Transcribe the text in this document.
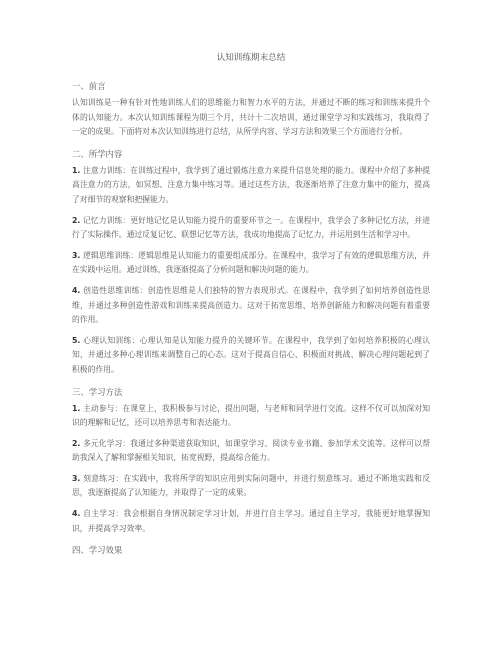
认知训练期末总结
一、前言
认知训练是一种有针对性地训练人们的思维能力和智力水平的方法，并通过不断的练习和训练来提升个体的认知能力。本次认知训练课程为期三个月，共计十二次培训，通过课堂学习和实践练习，我取得了一定的成果。下面将对本次认知训练进行总结，从所学内容、学习方法和效果三个方面进行分析。
二、所学内容
1. 注意力训练：在训练过程中，我学到了通过锻炼注意力来提升信息处理的能力。课程中介绍了多种提高注意力的方法，如冥想、注意力集中练习等。通过这些方法，我逐渐培养了注意力集中的能力，提高了对细节的观察和把握能力。
2. 记忆力训练：更好地记忆是认知能力提升的重要环节之一。在课程中，我学会了多种记忆方法，并进行了实际操作。通过反复记忆、联想记忆等方法，我成功地提高了记忆力，并运用到生活和学习中。
3. 逻辑思维训练：逻辑思维是认知能力的重要组成部分。在课程中，我学习了有效的逻辑思维方法，并在实践中运用。通过训练，我逐渐提高了分析问题和解决问题的能力。
4. 创造性思维训练：创造性思维是人们独特的智力表现形式。在课程中，我学到了如何培养创造性思维，并通过多种创造性游戏和训练来提高创造力。这对于拓宽思维、培养创新能力和解决问题有着重要的作用。
5. 心理认知训练：心理认知是认知能力提升的关键环节。在课程中，我学到了如何培养积极的心理认知，并通过多种心理训练来调整自己的心态。这对于提高自信心、积极面对挑战、解决心理问题起到了积极的作用。
三、学习方法
1. 主动参与：在课堂上，我积极参与讨论，提出问题，与老师和同学进行交流。这样不仅可以加深对知识的理解和记忆，还可以培养思考和表达能力。
2. 多元化学习：我通过多种渠道获取知识，如课堂学习、阅读专业书籍、参加学术交流等。这样可以帮助我深入了解和掌握相关知识，拓宽视野，提高综合能力。
3. 刻意练习：在实践中，我将所学的知识应用到实际问题中，并进行刻意练习。通过不断地实践和反思，我逐渐提高了认知能力，并取得了一定的成果。
4. 自主学习：我会根据自身情况制定学习计划，并进行自主学习。通过自主学习，我能更好地掌握知识，并提高学习效率。
四、学习效果
